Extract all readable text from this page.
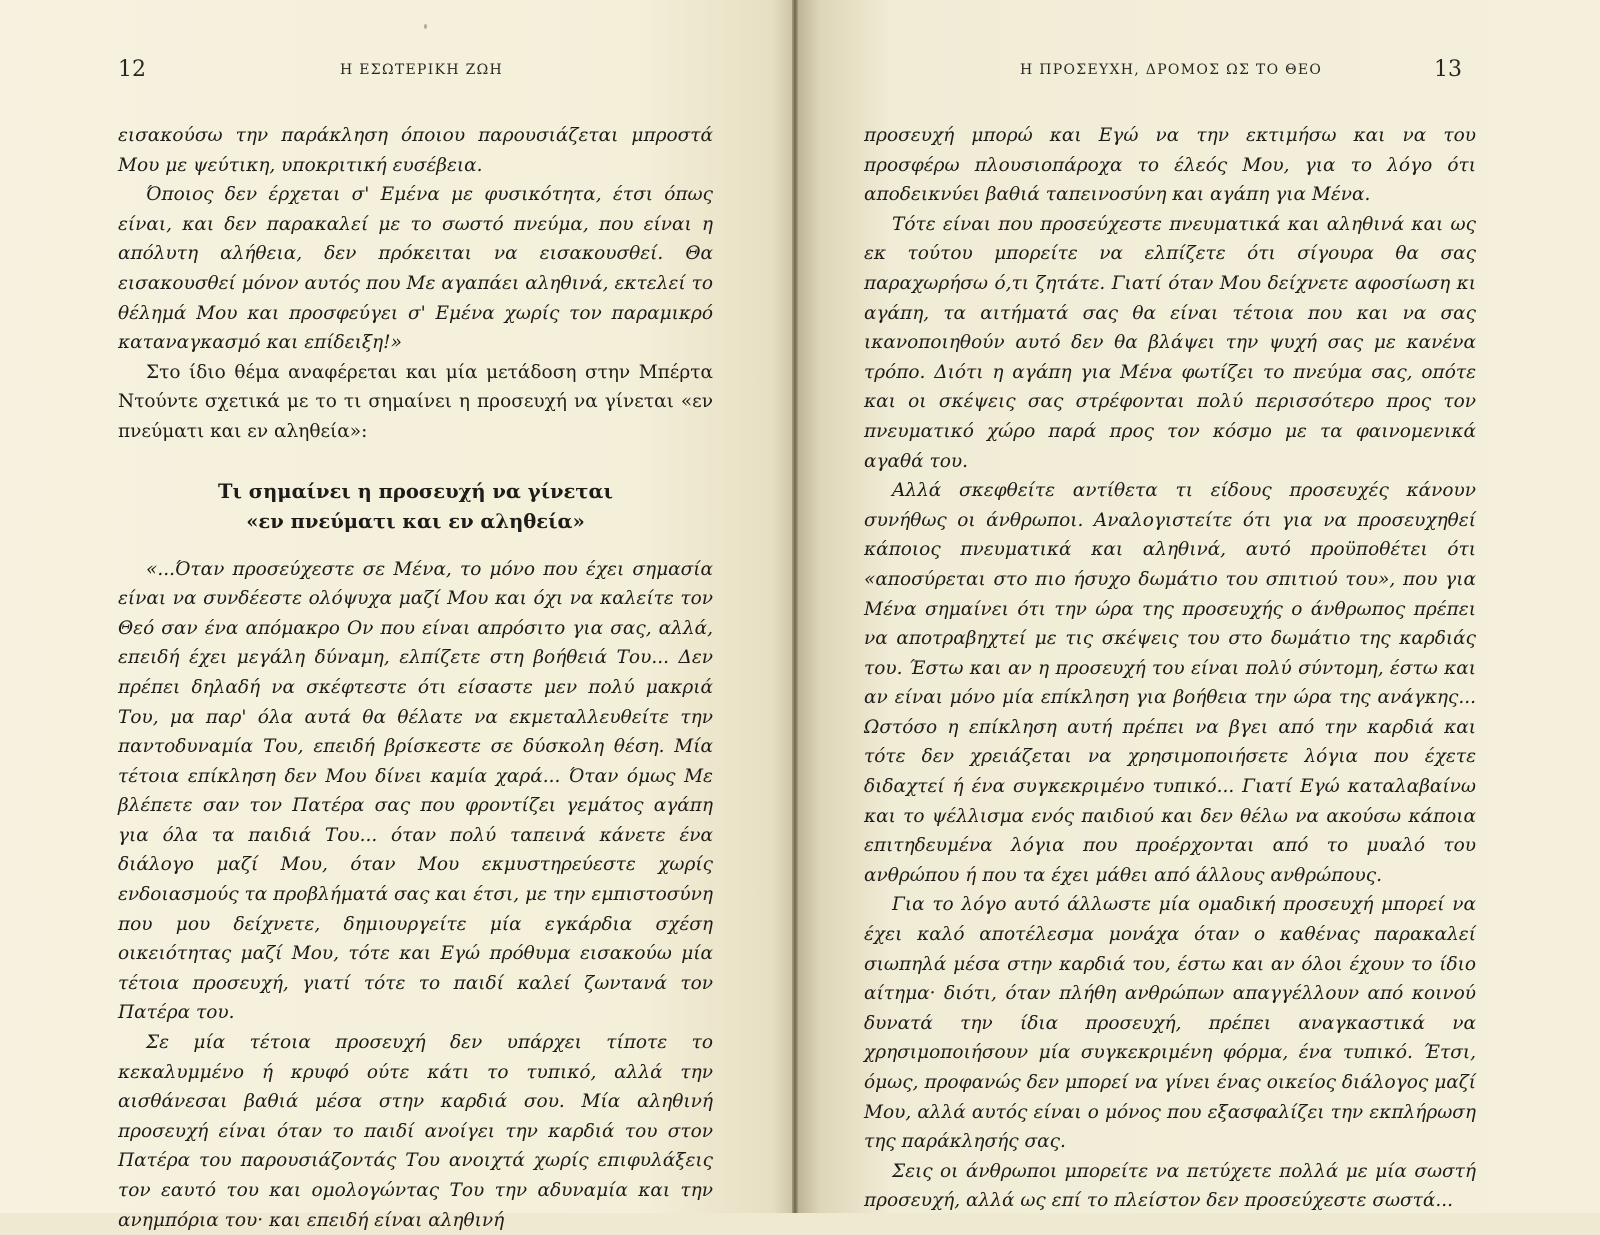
12	Η ΕΣΩΤΕΡΙΚΗ ΖΩΗ

εισακούσω την παράκληση όποιου παρουσιάζεται μπροστά Μου με ψεύτικη, υποκριτική ευσέβεια.

Όποιος δεν έρχεται σ' Εμένα με φυσικότητα, έτσι όπως είναι, και δεν παρακαλεί με το σωστό πνεύμα, που είναι η απόλυτη αλήθεια, δεν πρόκειται να εισακουσθεί. Θα εισακουσθεί μόνον αυτός που Με αγαπάει αληθινά, εκτελεί το θέλημά Μου και προσφεύγει σ' Εμένα χωρίς τον παραμικρό καταναγκασμό και επίδειξη!»

Στο ίδιο θέμα αναφέρεται και μία μετάδοση στην Μπέρτα Ντούντε σχετικά με το τι σημαίνει η προσευχή να γίνεται «εν πνεύματι και εν αληθεία»:

Τι σημαίνει η προσευχή να γίνεται
«εν πνεύματι και εν αληθεία»

«...Όταν προσεύχεστε σε Μένα, το μόνο που έχει σημασία είναι να συνδέεστε ολόψυχα μαζί Μου και όχι να καλείτε τον Θεό σαν ένα απόμακρο Ον που είναι απρόσιτο για σας, αλλά, επειδή έχει μεγάλη δύναμη, ελπίζετε στη βοήθειά Του... Δεν πρέπει δηλαδή να σκέφτεστε ότι είσαστε μεν πολύ μακριά Του, μα παρ' όλα αυτά θα θέλατε να εκμεταλλευθείτε την παντοδυναμία Του, επειδή βρίσκεστε σε δύσκολη θέση. Μία τέτοια επίκληση δεν Μου δίνει καμία χαρά... Όταν όμως Με βλέπετε σαν τον Πατέρα σας που φροντίζει γεμάτος αγάπη για όλα τα παιδιά Του... όταν πολύ ταπεινά κάνετε ένα διάλογο μαζί Μου, όταν Μου εκμυστηρεύεστε χωρίς ενδοιασμούς τα προβλήματά σας και έτσι, με την εμπιστοσύνη που μου δείχνετε, δημιουργείτε μία εγκάρδια σχέση οικειότητας μαζί Μου, τότε και Εγώ πρόθυμα εισακούω μία τέτοια προσευχή, γιατί τότε το παιδί καλεί ζωντανά τον Πατέρα του.

Σε μία τέτοια προσευχή δεν υπάρχει τίποτε το κεκαλυμμένο ή κρυφό ούτε κάτι το τυπικό, αλλά την αισθάνεσαι βαθιά μέσα στην καρδιά σου. Μία αληθινή προσευχή είναι όταν το παιδί ανοίγει την καρδιά του στον Πατέρα του παρουσιάζοντάς Του ανοιχτά χωρίς επιφυλάξεις τον εαυτό του και ομολογώντας Του την αδυναμία και την ανημπόρια του· και επειδή είναι αληθινή

Η ΠΡΟΣΕΥΧΗ, ΔΡΟΜΟΣ ΩΣ ΤΟ ΘΕΟ	13

προσευχή μπορώ και Εγώ να την εκτιμήσω και να του προσφέρω πλουσιοπάροχα το έλεός Μου, για το λόγο ότι αποδεικνύει βαθιά ταπεινοσύνη και αγάπη για Μένα.

Τότε είναι που προσεύχεστε πνευματικά και αληθινά και ως εκ τούτου μπορείτε να ελπίζετε ότι σίγουρα θα σας παραχωρήσω ό,τι ζητάτε. Γιατί όταν Μου δείχνετε αφοσίωση κι αγάπη, τα αιτήματά σας θα είναι τέτοια που και να σας ικανοποιηθούν αυτό δεν θα βλάψει την ψυχή σας με κανένα τρόπο. Διότι η αγάπη για Μένα φωτίζει το πνεύμα σας, οπότε και οι σκέψεις σας στρέφονται πολύ περισσότερο προς τον πνευματικό χώρο παρά προς τον κόσμο με τα φαινομενικά αγαθά του.

Αλλά σκεφθείτε αντίθετα τι είδους προσευχές κάνουν συνήθως οι άνθρωποι. Αναλογιστείτε ότι για να προσευχηθεί κάποιος πνευματικά και αληθινά, αυτό προϋποθέτει ότι «αποσύρεται στο πιο ήσυχο δωμάτιο του σπιτιού του», που για Μένα σημαίνει ότι την ώρα της προσευχής ο άνθρωπος πρέπει να αποτραβηχτεί με τις σκέψεις του στο δωμάτιο της καρδιάς του. Έστω και αν η προσευχή του είναι πολύ σύντομη, έστω και αν είναι μόνο μία επίκληση για βοήθεια την ώρα της ανάγκης... Ωστόσο η επίκληση αυτή πρέπει να βγει από την καρδιά και τότε δεν χρειάζεται να χρησιμοποιήσετε λόγια που έχετε διδαχτεί ή ένα συγκεκριμένο τυπικό... Γιατί Εγώ καταλαβαίνω και το ψέλλισμα ενός παιδιού και δεν θέλω να ακούσω κάποια επιτηδευμένα λόγια που προέρχονται από το μυαλό του ανθρώπου ή που τα έχει μάθει από άλλους ανθρώπους.

Για το λόγο αυτό άλλωστε μία ομαδική προσευχή μπορεί να έχει καλό αποτέλεσμα μονάχα όταν ο καθένας παρακαλεί σιωπηλά μέσα στην καρδιά του, έστω και αν όλοι έχουν το ίδιο αίτημα· διότι, όταν πλήθη ανθρώπων απαγγέλλουν από κοινού δυνατά την ίδια προσευχή, πρέπει αναγκαστικά να χρησιμοποιήσουν μία συγκεκριμένη φόρμα, ένα τυπικό. Έτσι, όμως, προφανώς δεν μπορεί να γίνει ένας οικείος διάλογος μαζί Μου, αλλά αυτός είναι ο μόνος που εξασφαλίζει την εκπλήρωση της παράκλησής σας.

Σεις οι άνθρωποι μπορείτε να πετύχετε πολλά με μία σωστή προσευχή, αλλά ως επί το πλείστον δεν προσεύχεστε σωστά...
